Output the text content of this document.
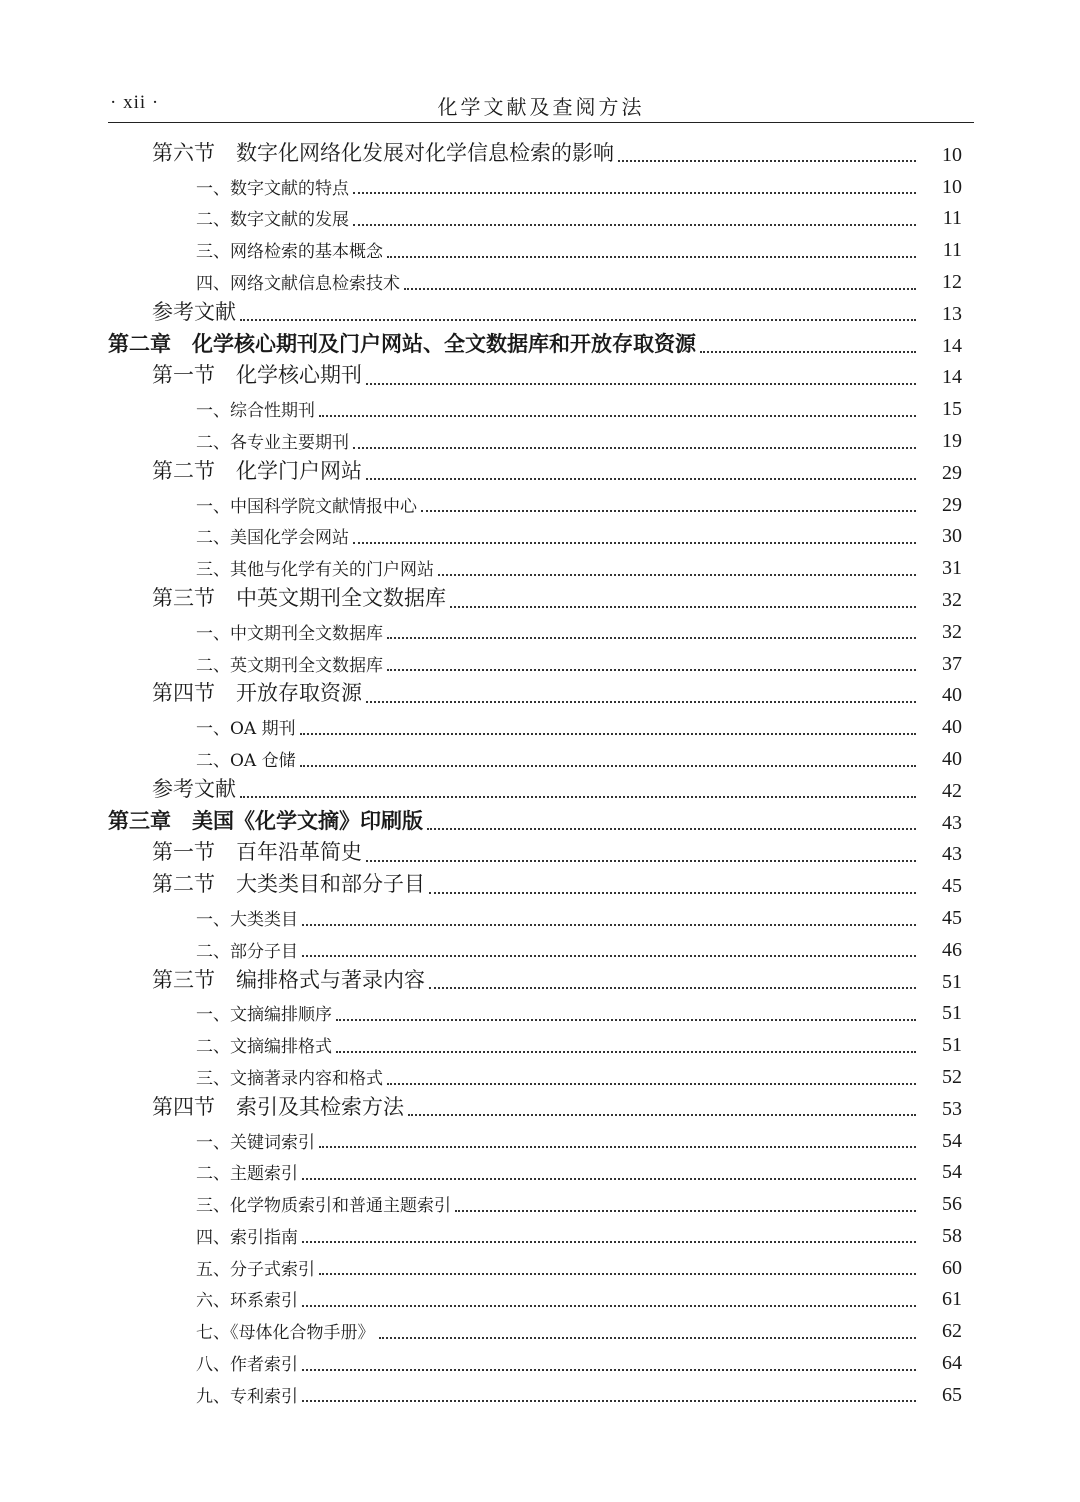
· xii ·	化学文献及查阅方法
第六节　数字化网络化发展对化学信息检索的影响	10
一、数字文献的特点	10
二、数字文献的发展	11
三、网络检索的基本概念	11
四、网络文献信息检索技术	12
参考文献	13
第二章　化学核心期刊及门户网站、全文数据库和开放存取资源	14
第一节　化学核心期刊	14
一、综合性期刊	15
二、各专业主要期刊	19
第二节　化学门户网站	29
一、中国科学院文献情报中心	29
二、美国化学会网站	30
三、其他与化学有关的门户网站	31
第三节　中英文期刊全文数据库	32
一、中文期刊全文数据库	32
二、英文期刊全文数据库	37
第四节　开放存取资源	40
一、OA 期刊	40
二、OA 仓储	40
参考文献	42
第三章　美国《化学文摘》印刷版	43
第一节　百年沿革简史	43
第二节　大类类目和部分子目	45
一、大类类目	45
二、部分子目	46
第三节　编排格式与著录内容	51
一、文摘编排顺序	51
二、文摘编排格式	51
三、文摘著录内容和格式	52
第四节　索引及其检索方法	53
一、关键词索引	54
二、主题索引	54
三、化学物质索引和普通主题索引	56
四、索引指南	58
五、分子式索引	60
六、环系索引	61
七、《母体化合物手册》	62
八、作者索引	64
九、专利索引	65
